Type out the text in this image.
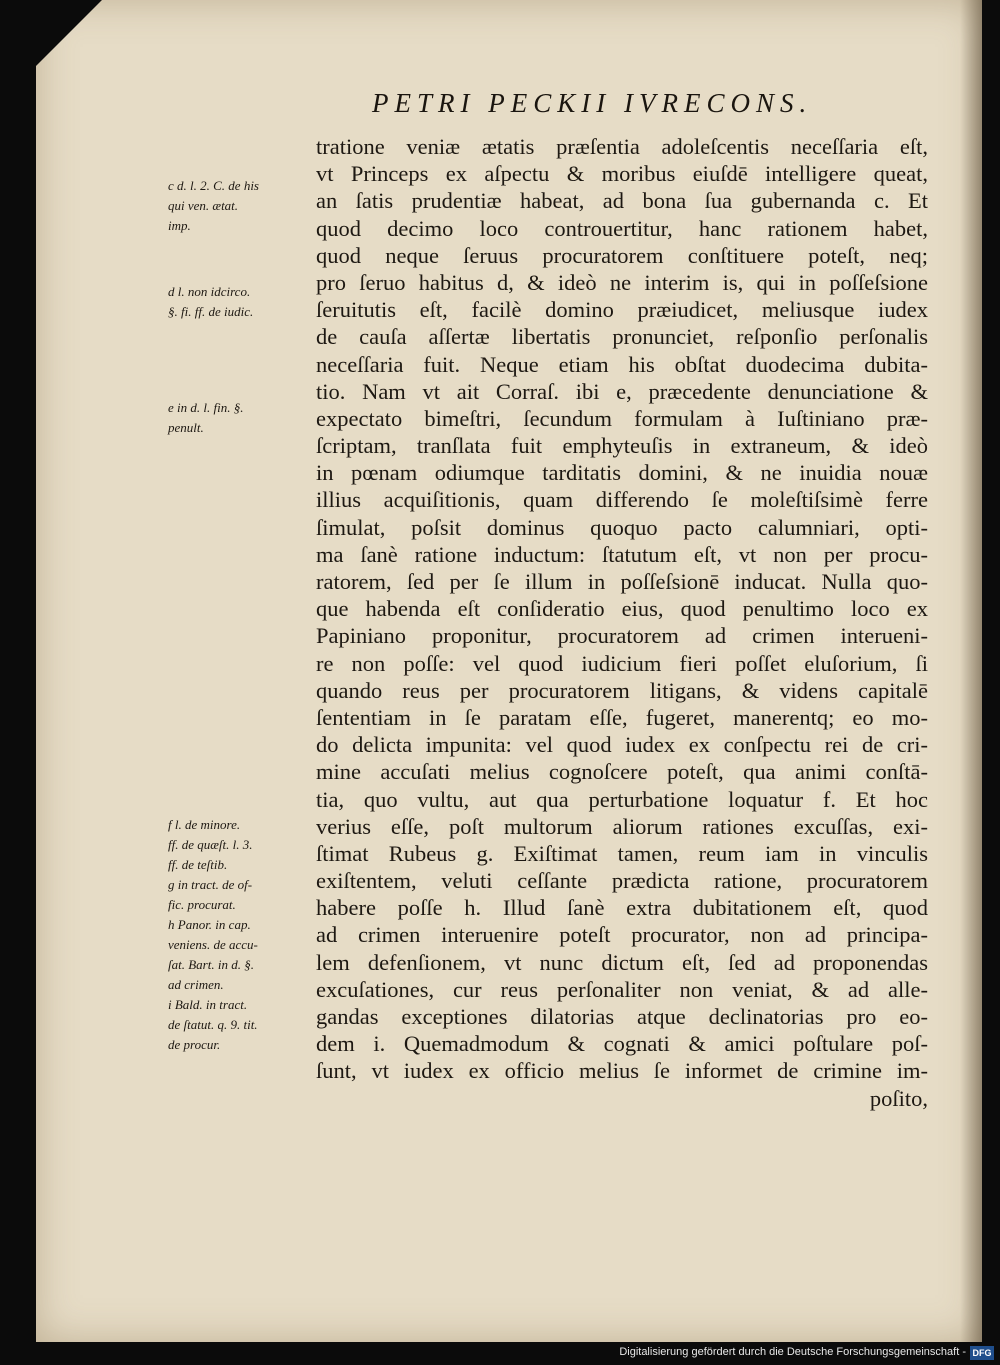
PETRI PECKII IVRECONS.
tratione veniæ ætatis præſentia adoleſcentis neceſſaria eſt,
vt Princeps ex aſpectu & moribus eiuſdē intelligere queat,
an ſatis prudentiæ habeat, ad bona ſua gubernanda c. Et
quod decimo loco controuertitur, hanc rationem habet,
quod neque ſeruus procuratorem conſtituere poteſt, neq;
pro ſeruo habitus d, & ideò ne interim is, qui in poſſeſsione
ſeruitutis eſt, facilè domino præiudicet, meliusque iudex
de cauſa aſſertæ libertatis pronunciet, reſponſio perſonalis
neceſſaria fuit. Neque etiam his obſtat duodecima dubita-
tio. Nam vt ait Corraſ. ibi e, præcedente denunciatione &
expectato bimeſtri, ſecundum formulam à Iuſtiniano præ-
ſcriptam, tranſlata fuit emphyteuſis in extraneum, & ideò
in pœnam odiumque tarditatis domini, & ne inuidia nouæ
illius acquiſitionis, quam differendo ſe moleſtiſsimè ferre
ſimulat, poſsit dominus quoquo pacto calumniari, opti-
ma ſanè ratione inductum: ſtatutum eſt, vt non per procu-
ratorem, ſed per ſe illum in poſſeſsionē inducat. Nulla quo-
que habenda eſt conſideratio eius, quod penultimo loco ex
Papiniano proponitur, procuratorem ad crimen interueni-
re non poſſe: vel quod iudicium fieri poſſet eluſorium, ſi
quando reus per procuratorem litigans, & videns capitalē
ſententiam in ſe paratam eſſe, fugeret, manerentq; eo mo-
do delicta impunita: vel quod iudex ex conſpectu rei de cri-
mine accuſati melius cognoſcere poteſt, qua animi conſtā-
tia, quo vultu, aut qua perturbatione loquatur f. Et hoc
verius eſſe, poſt multorum aliorum rationes excuſſas, exi-
ſtimat Rubeus g. Exiſtimat tamen, reum iam in vinculis
exiſtentem, veluti ceſſante prædicta ratione, procuratorem
habere poſſe h. Illud ſanè extra dubitationem eſt, quod
ad crimen interuenire poteſt procurator, non ad principa-
lem defenſionem, vt nunc dictum eſt, ſed ad proponendas
excuſationes, cur reus perſonaliter non veniat, & ad alle-
gandas exceptiones dilatorias atque declinatorias pro eo-
dem i. Quemadmodum & cognati & amici poſtulare poſ-
ſunt, vt iudex ex officio melius ſe informet de crimine im-
poſito,
c d. l. 2. C. de his
qui ven. ætat.
imp.
d l. non idcirco.
§. fi. ff. de iudic.
e in d. l. fin. §.
penult.
f l. de minore.
ff. de quæſt. l. 3.
ff. de teſtib.
g in tract. de of-
fic. procurat.
h Panor. in cap.
veniens. de accu-
ſat. Bart. in d. §.
ad crimen.
i Bald. in tract.
de ſtatut. q. 9. tit.
de procur.
Digitalisierung gefördert durch die Deutsche Forschungsgemeinschaft - DFG
